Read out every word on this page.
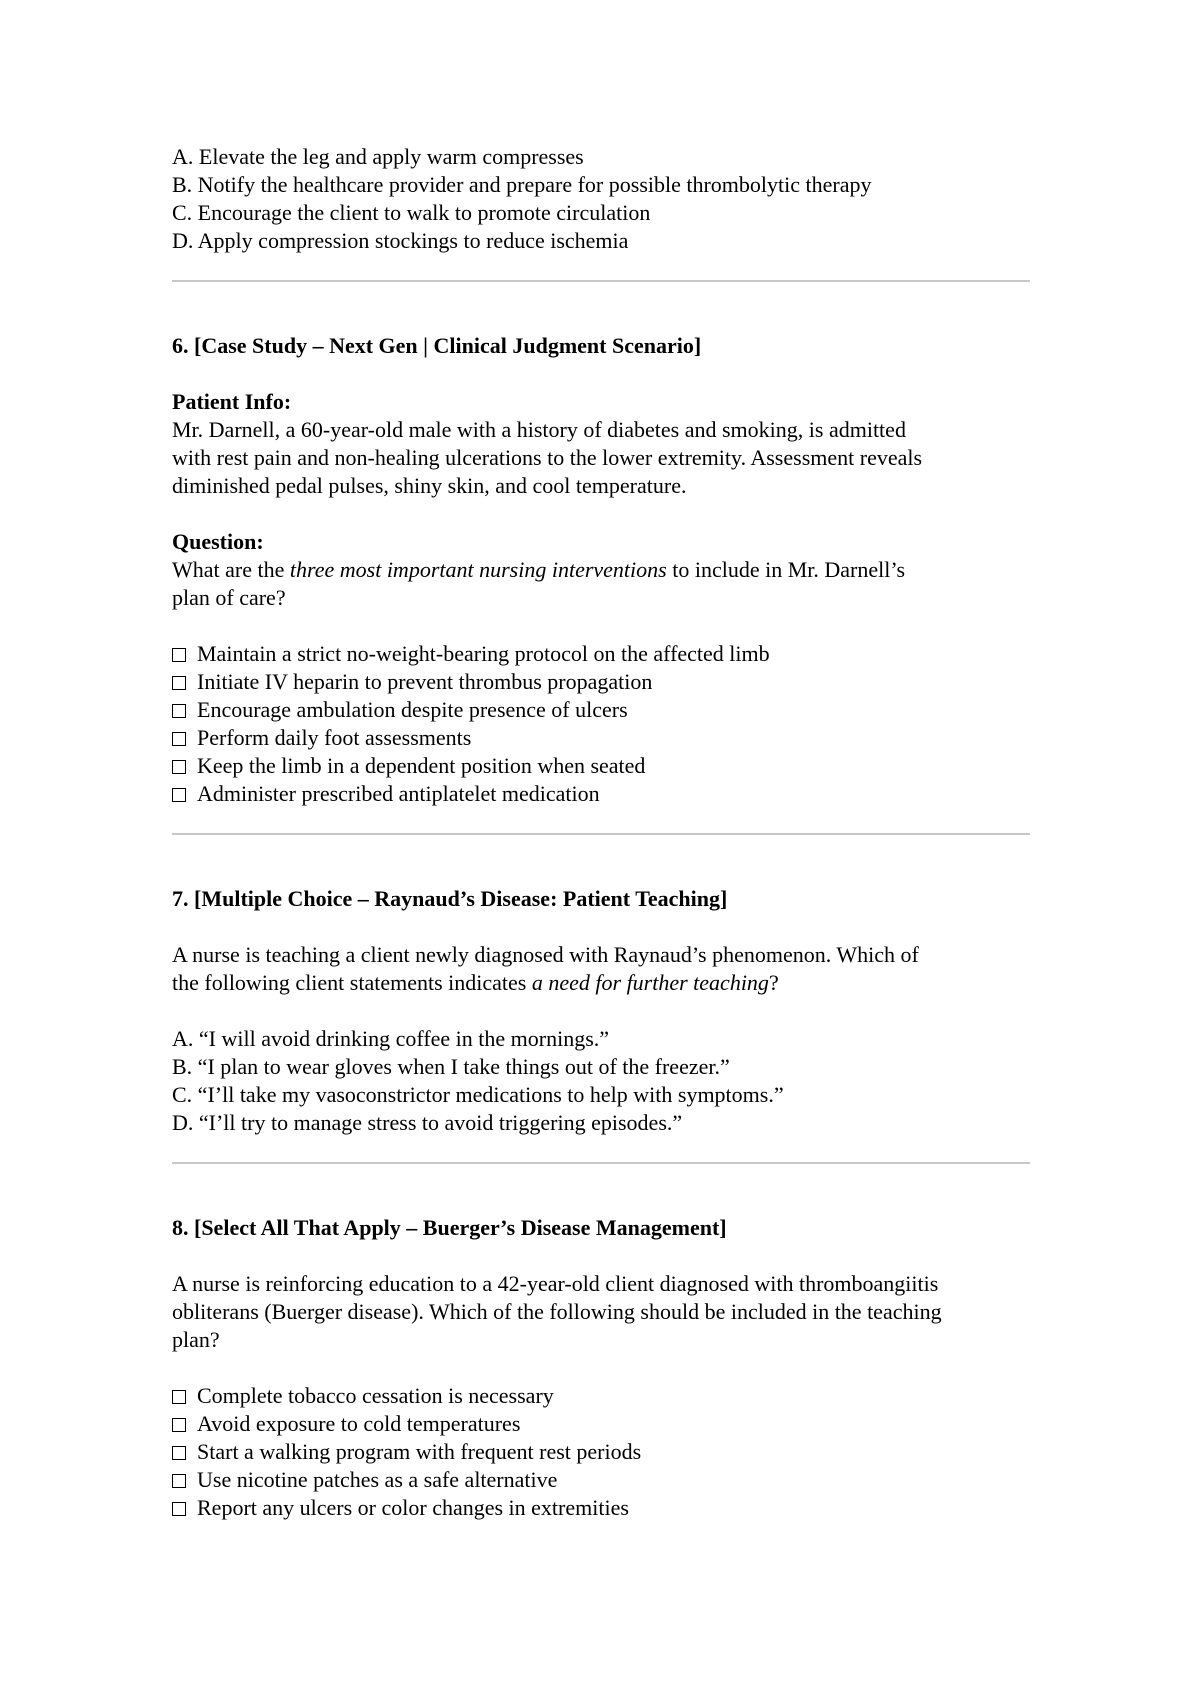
A. Elevate the leg and apply warm compresses

B. Notify the healthcare provider and prepare for possible thrombolytic therapy

C. Encourage the client to walk to promote circulation

D. Apply compression stockings to reduce ischemia

6. [Case Study – Next Gen | Clinical Judgment Scenario]

Patient Info:

Mr. Darnell, a 60-year-old male with a history of diabetes and smoking, is admitted

with rest pain and non-healing ulcerations to the lower extremity. Assessment reveals

diminished pedal pulses, shiny skin, and cool temperature.

Question:

What are the three most important nursing interventions to include in Mr. Darnell’s

plan of care?

Maintain a strict no-weight-bearing protocol on the affected limb
Initiate IV heparin to prevent thrombus propagation
Encourage ambulation despite presence of ulcers
Perform daily foot assessments
Keep the limb in a dependent position when seated
Administer prescribed antiplatelet medication

7. [Multiple Choice – Raynaud’s Disease: Patient Teaching]

A nurse is teaching a client newly diagnosed with Raynaud’s phenomenon. Which of

the following client statements indicates a need for further teaching?

A. “I will avoid drinking coffee in the mornings.”

B. “I plan to wear gloves when I take things out of the freezer.”

C. “I’ll take my vasoconstrictor medications to help with symptoms.”

D. “I’ll try to manage stress to avoid triggering episodes.”

8. [Select All That Apply – Buerger’s Disease Management]

A nurse is reinforcing education to a 42-year-old client diagnosed with thromboangiitis

obliterans (Buerger disease). Which of the following should be included in the teaching

plan?

Complete tobacco cessation is necessary
Avoid exposure to cold temperatures
Start a walking program with frequent rest periods
Use nicotine patches as a safe alternative
Report any ulcers or color changes in extremities
